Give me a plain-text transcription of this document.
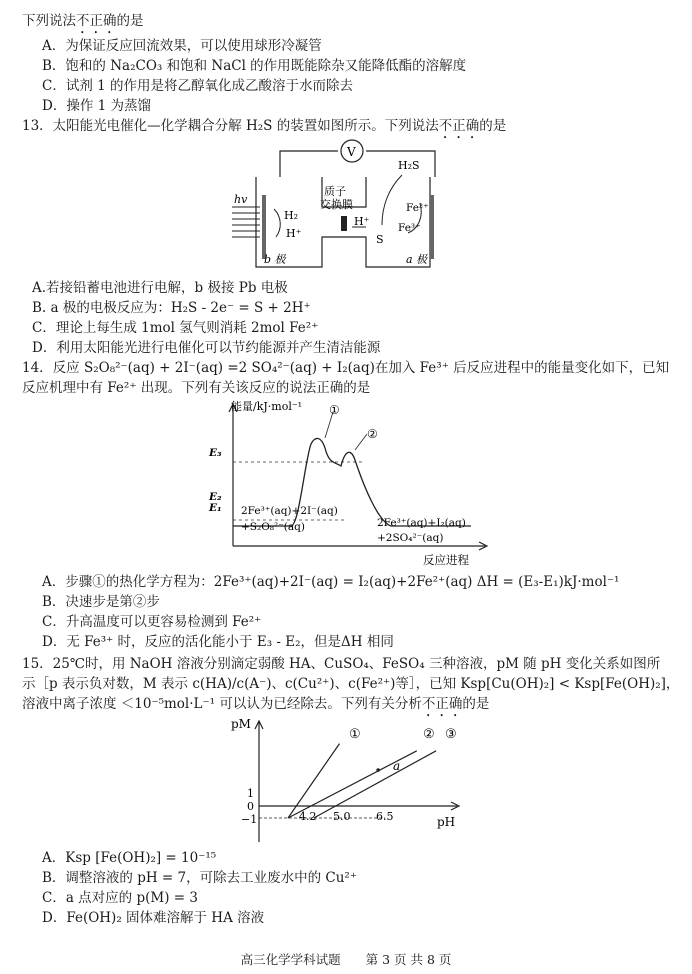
下列说法不正确的是
A．为保证反应回流效果，可以使用球形冷凝管
B．饱和的 Na₂CO₃ 和饱和 NaCl 的作用既能除杂又能降低酯的溶解度
C．试剂 1 的作用是将乙醇氧化成乙酸溶于水而除去
D．操作 1 为蒸馏
13．太阳能光电催化—化学耦合分解 H₂S 的装置如图所示。下列说法不正确的是
V
质子
交换膜
hv
H₂
H⁺
b 极
H₂S
H⁺
S
Fe²⁺
Fe³⁺
a 极
A.若接铅蓄电池进行电解，b 极接 Pb 电极
B. a 极的电极反应为：H₂S - 2e⁻ = S + 2H⁺
C．理论上每生成 1mol 氢气则消耗 2mol Fe²⁺
D．利用太阳能光进行电催化可以节约能源并产生清洁能源
14．反应 S₂O₈²⁻(aq) + 2I⁻(aq) =2 SO₄²⁻(aq) + I₂(aq)在加入 Fe³⁺ 后反应进程中的能量变化如下，已知
反应机理中有 Fe²⁺ 出现。下列有关该反应的说法正确的是
能量/kJ·mol⁻¹
反应进程
E₃
E₂
E₁
①
②
2Fe³⁺(aq)+2I⁻(aq)
+S₂O₈²⁻(aq)	2Fe³⁺(aq)+I₂(aq)
+2SO₄²⁻(aq)
A．步骤①的热化学方程为：2Fe³⁺(aq)+2I⁻(aq) = I₂(aq)+2Fe²⁺(aq) ΔH = (E₃-E₁)kJ·mol⁻¹
B．决速步是第②步
C．升高温度可以更容易检测到 Fe²⁺
D．无 Fe³⁺ 时，反应的活化能小于 E₃ - E₂，但是ΔH 相同
15．25℃时，用 NaOH 溶液分别滴定弱酸 HA、CuSO₄、FeSO₄ 三种溶液，pM 随 pH 变化关系如图所
示［p 表示负对数，M 表示 c(HA)/c(A⁻)、c(Cu²⁺)、c(Fe²⁺)等］，已知 Ksp[Cu(OH)₂] < Ksp[Fe(OH)₂]，
溶液中离子浓度 ＜10⁻⁵mol·L⁻¹ 可以认为已经除去。下列有关分析不正确的是
pM
pH
1
0
−1	4.2 5.0 6.5
①	② ③
a
A．Ksp [Fe(OH)₂] = 10⁻¹⁵
B．调整溶液的 pH = 7，可除去工业废水中的 Cu²⁺
C．a 点对应的 p(M) = 3
D．Fe(OH)₂ 固体难溶解于 HA 溶液
高三化学学科试题　　第 3 页 共 8 页
